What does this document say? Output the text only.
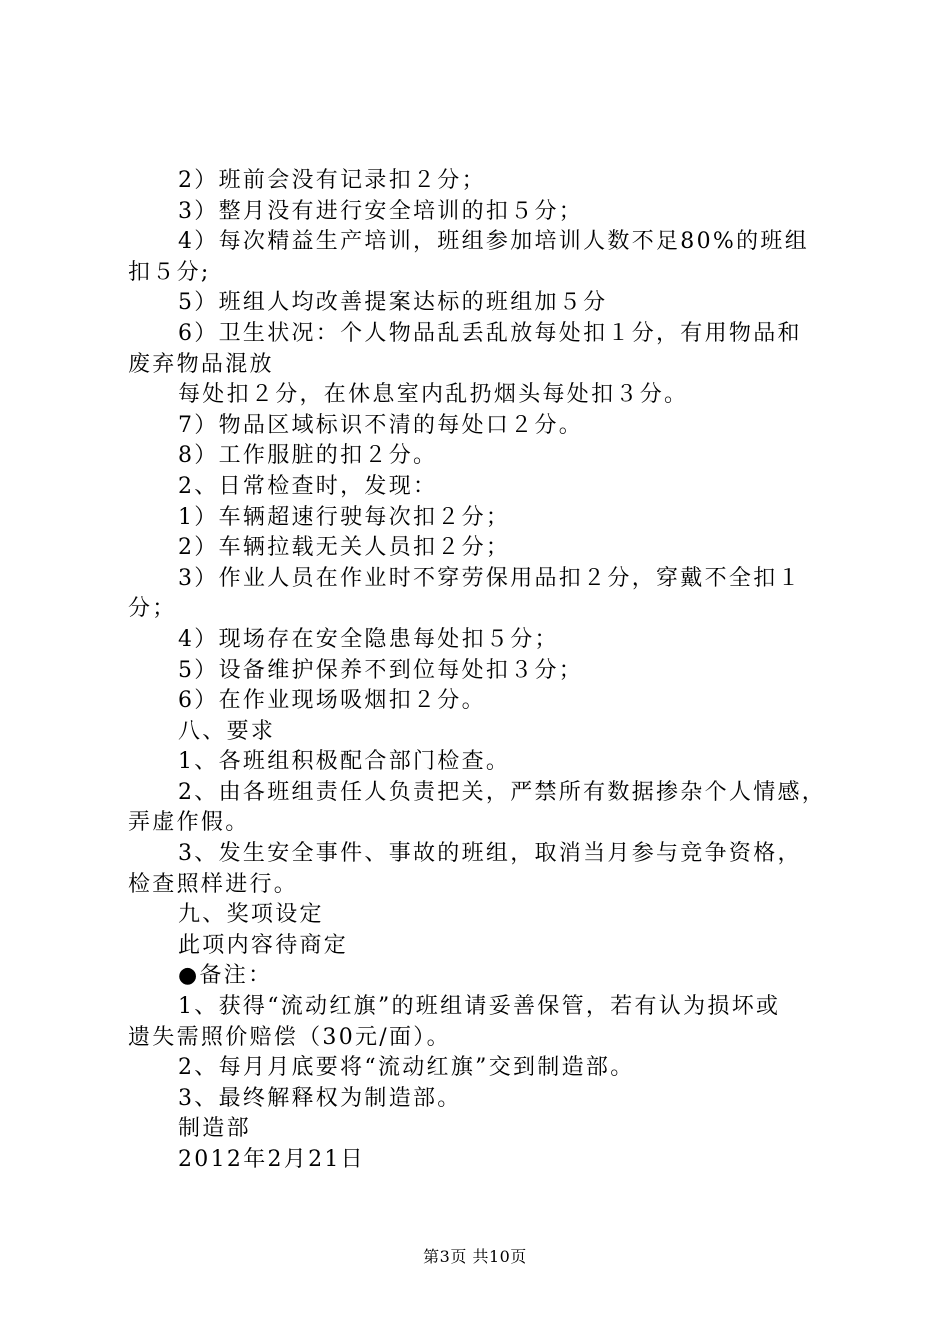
2）班前会没有记录扣２分；
3）整月没有进行安全培训的扣５分；
4）每次精益生产培训，班组参加培训人数不足80%的班组
扣５分;
5）班组人均改善提案达标的班组加５分
6）卫生状况：个人物品乱丢乱放每处扣１分，有用物品和
废弃物品混放
每处扣２分，在休息室内乱扔烟头每处扣３分。
7）物品区域标识不清的每处口２分。
8）工作服脏的扣２分。
2、日常检查时，发现：
1）车辆超速行驶每次扣２分；
2）车辆拉载无关人员扣２分；
3）作业人员在作业时不穿劳保用品扣２分，穿戴不全扣１
分；
4）现场存在安全隐患每处扣５分；
5）设备维护保养不到位每处扣３分；
6）在作业现场吸烟扣２分。
八、要求
1、各班组积极配合部门检查。
2、由各班组责任人负责把关，严禁所有数据掺杂个人情感，
弄虚作假。
3、发生安全事件、事故的班组，取消当月参与竞争资格，
检查照样进行。
九、奖项设定
此项内容待商定
●备注：
1、获得“流动红旗”的班组请妥善保管，若有认为损坏或
遗失需照价赔偿（30元/面）。
2、每月月底要将“流动红旗”交到制造部。
3、最终解释权为制造部。
制造部
2012年2月21日
第3页 共10页
